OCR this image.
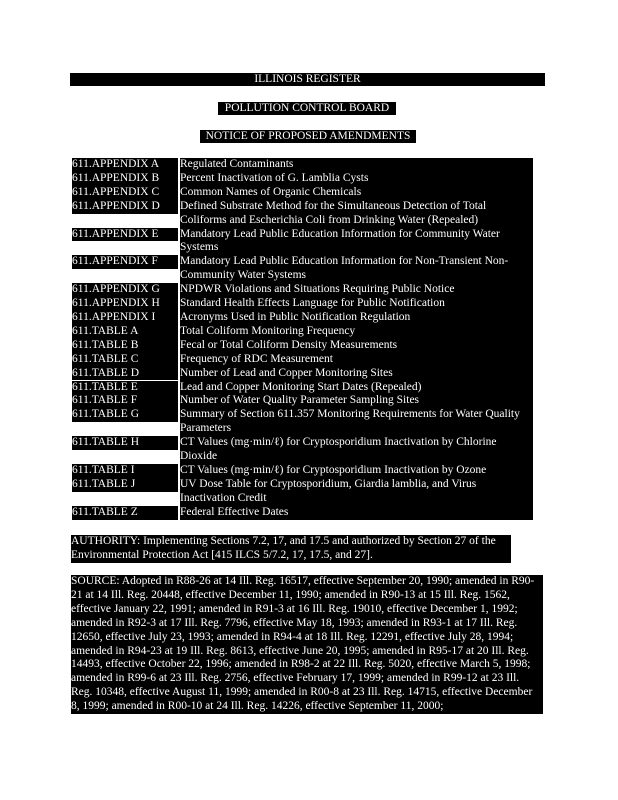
ILLINOIS REGISTER
POLLUTION CONTROL BOARD
NOTICE OF PROPOSED AMENDMENTS
611.APPENDIX A	Regulated Contaminants
611.APPENDIX B	Percent Inactivation of G. Lamblia Cysts
611.APPENDIX C	Common Names of Organic Chemicals
611.APPENDIX D	Defined Substrate Method for the Simultaneous Detection of Total Coliforms and Escherichia Coli from Drinking Water (Repealed)
611.APPENDIX E	Mandatory Lead Public Education Information for Community Water Systems
611.APPENDIX F	Mandatory Lead Public Education Information for Non-Transient Non-Community Water Systems
611.APPENDIX G	NPDWR Violations and Situations Requiring Public Notice
611.APPENDIX H	Standard Health Effects Language for Public Notification
611.APPENDIX I	Acronyms Used in Public Notification Regulation
611.TABLE A	Total Coliform Monitoring Frequency
611.TABLE B	Fecal or Total Coliform Density Measurements
611.TABLE C	Frequency of RDC Measurement
611.TABLE D	Number of Lead and Copper Monitoring Sites
611.TABLE E	Lead and Copper Monitoring Start Dates (Repealed)
611.TABLE F	Number of Water Quality Parameter Sampling Sites
611.TABLE G	Summary of Section 611.357 Monitoring Requirements for Water Quality Parameters
611.TABLE H	CT Values (mg·min/ℓ) for Cryptosporidium Inactivation by Chlorine Dioxide
611.TABLE I	CT Values (mg·min/ℓ) for Cryptosporidium Inactivation by Ozone
611.TABLE J	UV Dose Table for Cryptosporidium, Giardia lamblia, and Virus Inactivation Credit
611.TABLE Z	Federal Effective Dates
AUTHORITY: Implementing Sections 7.2, 17, and 17.5 and authorized by Section 27 of the Environmental Protection Act [415 ILCS 5/7.2, 17, 17.5, and 27].
SOURCE: Adopted in R88-26 at 14 Ill. Reg. 16517, effective September 20, 1990; amended in R90-21 at 14 Ill. Reg. 20448, effective December 11, 1990; amended in R90-13 at 15 Ill. Reg. 1562, effective January 22, 1991; amended in R91-3 at 16 Ill. Reg. 19010, effective December 1, 1992; amended in R92-3 at 17 Ill. Reg. 7796, effective May 18, 1993; amended in R93-1 at 17 Ill. Reg. 12650, effective July 23, 1993; amended in R94-4 at 18 Ill. Reg. 12291, effective July 28, 1994; amended in R94-23 at 19 Ill. Reg. 8613, effective June 20, 1995; amended in R95-17 at 20 Ill. Reg. 14493, effective October 22, 1996; amended in R98-2 at 22 Ill. Reg. 5020, effective March 5, 1998; amended in R99-6 at 23 Ill. Reg. 2756, effective February 17, 1999; amended in R99-12 at 23 Ill. Reg. 10348, effective August 11, 1999; amended in R00-8 at 23 Ill. Reg. 14715, effective December 8, 1999; amended in R00-10 at 24 Ill. Reg. 14226, effective September 11, 2000;
